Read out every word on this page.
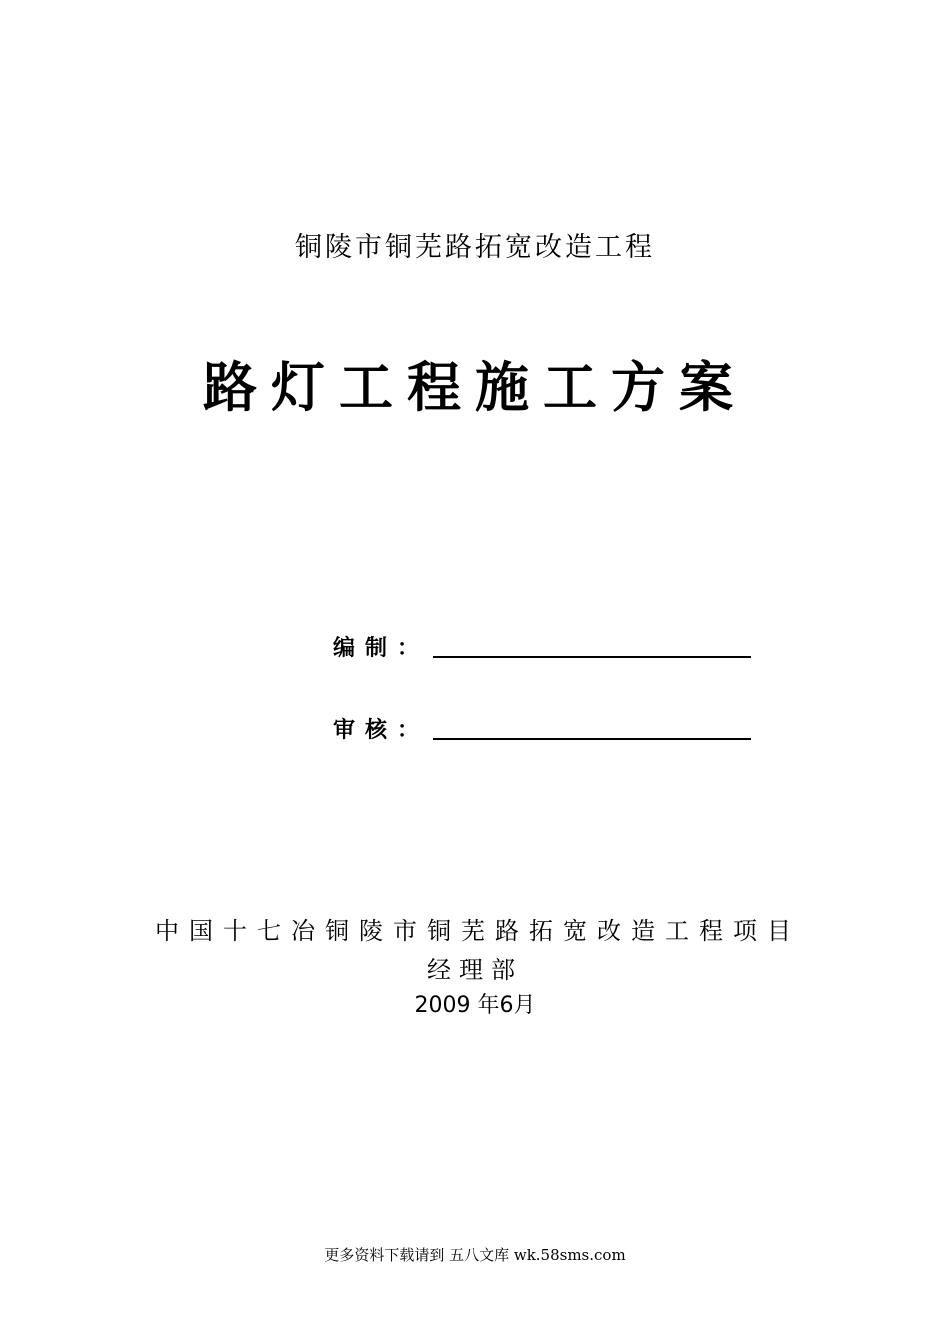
铜陵市铜芜路拓宽改造工程
路灯工程施工方案
编制：
审核：
中国十七冶铜陵市铜芜路拓宽改造工程项目
经理部
2009 年6月
更多资料下载请到 五八文库 wk.58sms.com
